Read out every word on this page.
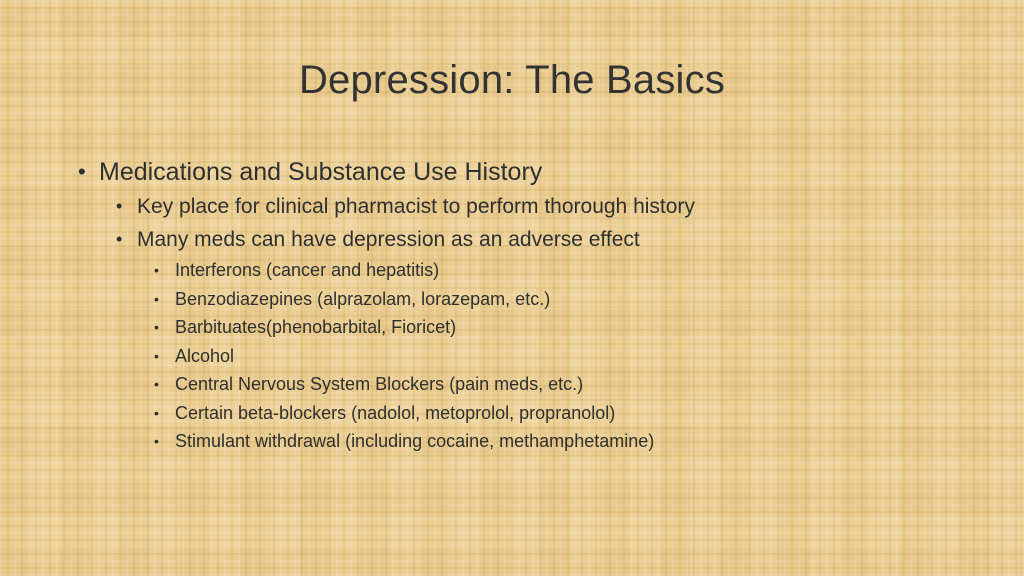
Depression: The Basics
• Medications and Substance Use History
• Key place for clinical pharmacist to perform thorough history
• Many meds can have depression as an adverse effect
• Interferons (cancer and hepatitis)
• Benzodiazepines (alprazolam, lorazepam, etc.)
• Barbituates(phenobarbital, Fioricet)
• Alcohol
• Central Nervous System Blockers (pain meds, etc.)
• Certain beta-blockers (nadolol, metoprolol, propranolol)
• Stimulant withdrawal (including cocaine, methamphetamine)
